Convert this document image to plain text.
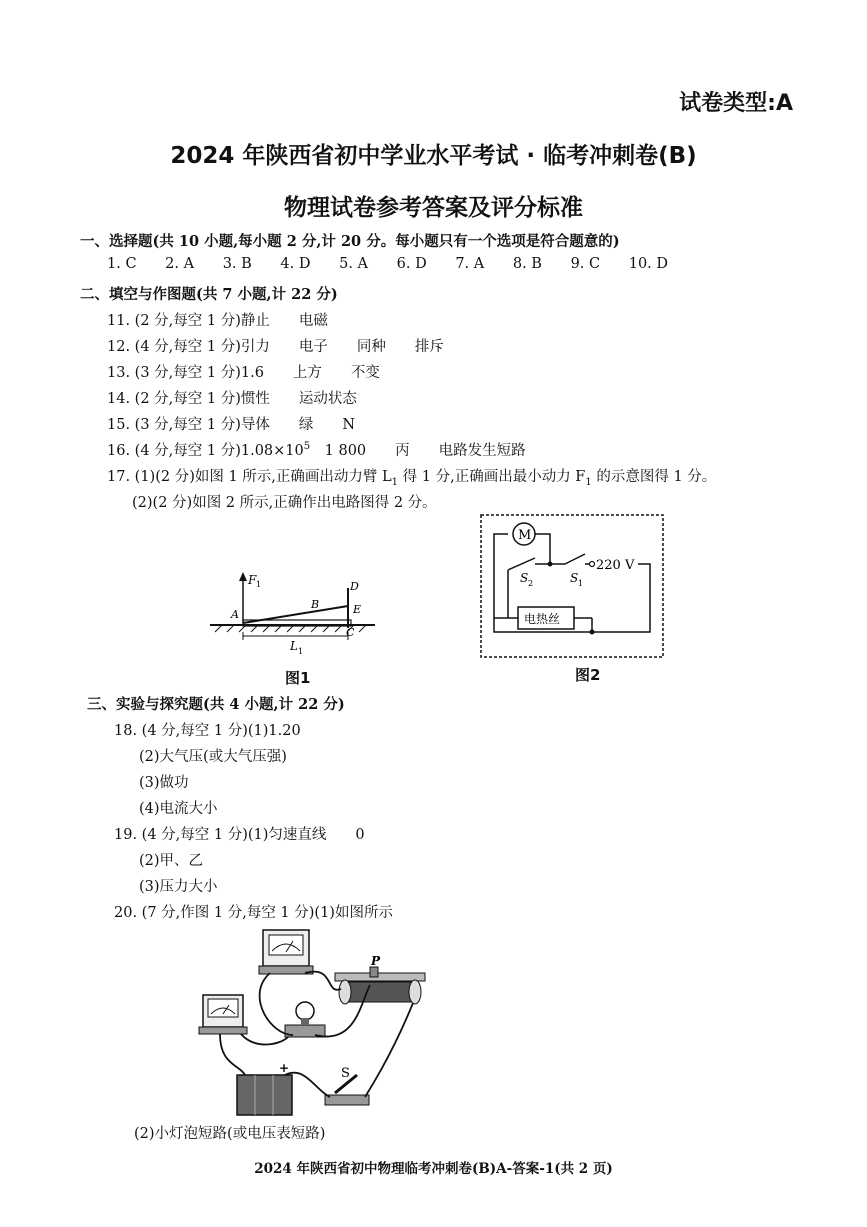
试卷类型:A
2024 年陕西省初中学业水平考试 · 临考冲刺卷(B)
物理试卷参考答案及评分标准
一、选择题(共 10 小题,每小题 2 分,计 20 分。每小题只有一个选项是符合题意的)
1. C 2. A 3. B 4. D 5. A 6. D 7. A 8. B 9. C 10. D
二、填空与作图题(共 7 小题,计 22 分)
11. (2 分,每空 1 分)静止　　电磁
12. (4 分,每空 1 分)引力　　电子　　同种　　排斥
13. (3 分,每空 1 分)1.6　　上方　　不变
14. (2 分,每空 1 分)惯性　　运动状态
15. (3 分,每空 1 分)导体　　绿　　N
16. (4 分,每空 1 分)$1.08\times 10^5$　1 800　　丙　　电路发生短路
17. (1)(2 分)如图 1 所示,正确画出动力臂 $L_1$ 得 1 分,正确画出最小动力 $F_1$ 的示意图得 1 分。
(2)(2 分)如图 2 所示,正确作出电路图得 2 分。
F 1
A
B
D
E
C
L 1
图1
M
220 V
S 2	S 1
电热丝
图2
三、实验与探究题(共 4 小题,计 22 分)
18. (4 分,每空 1 分)(1)1.20
(2)大气压(或大气压强)
(3)做功
(4)电流大小
19. (4 分,每空 1 分)(1)匀速直线　　0
(2)甲、乙
(3)压力大小
20. (7 分,作图 1 分,每空 1 分)(1)如图所示
P
S
+
(2)小灯泡短路(或电压表短路)
2024 年陕西省初中物理临考冲刺卷(B)A-答案-1(共 2 页)
